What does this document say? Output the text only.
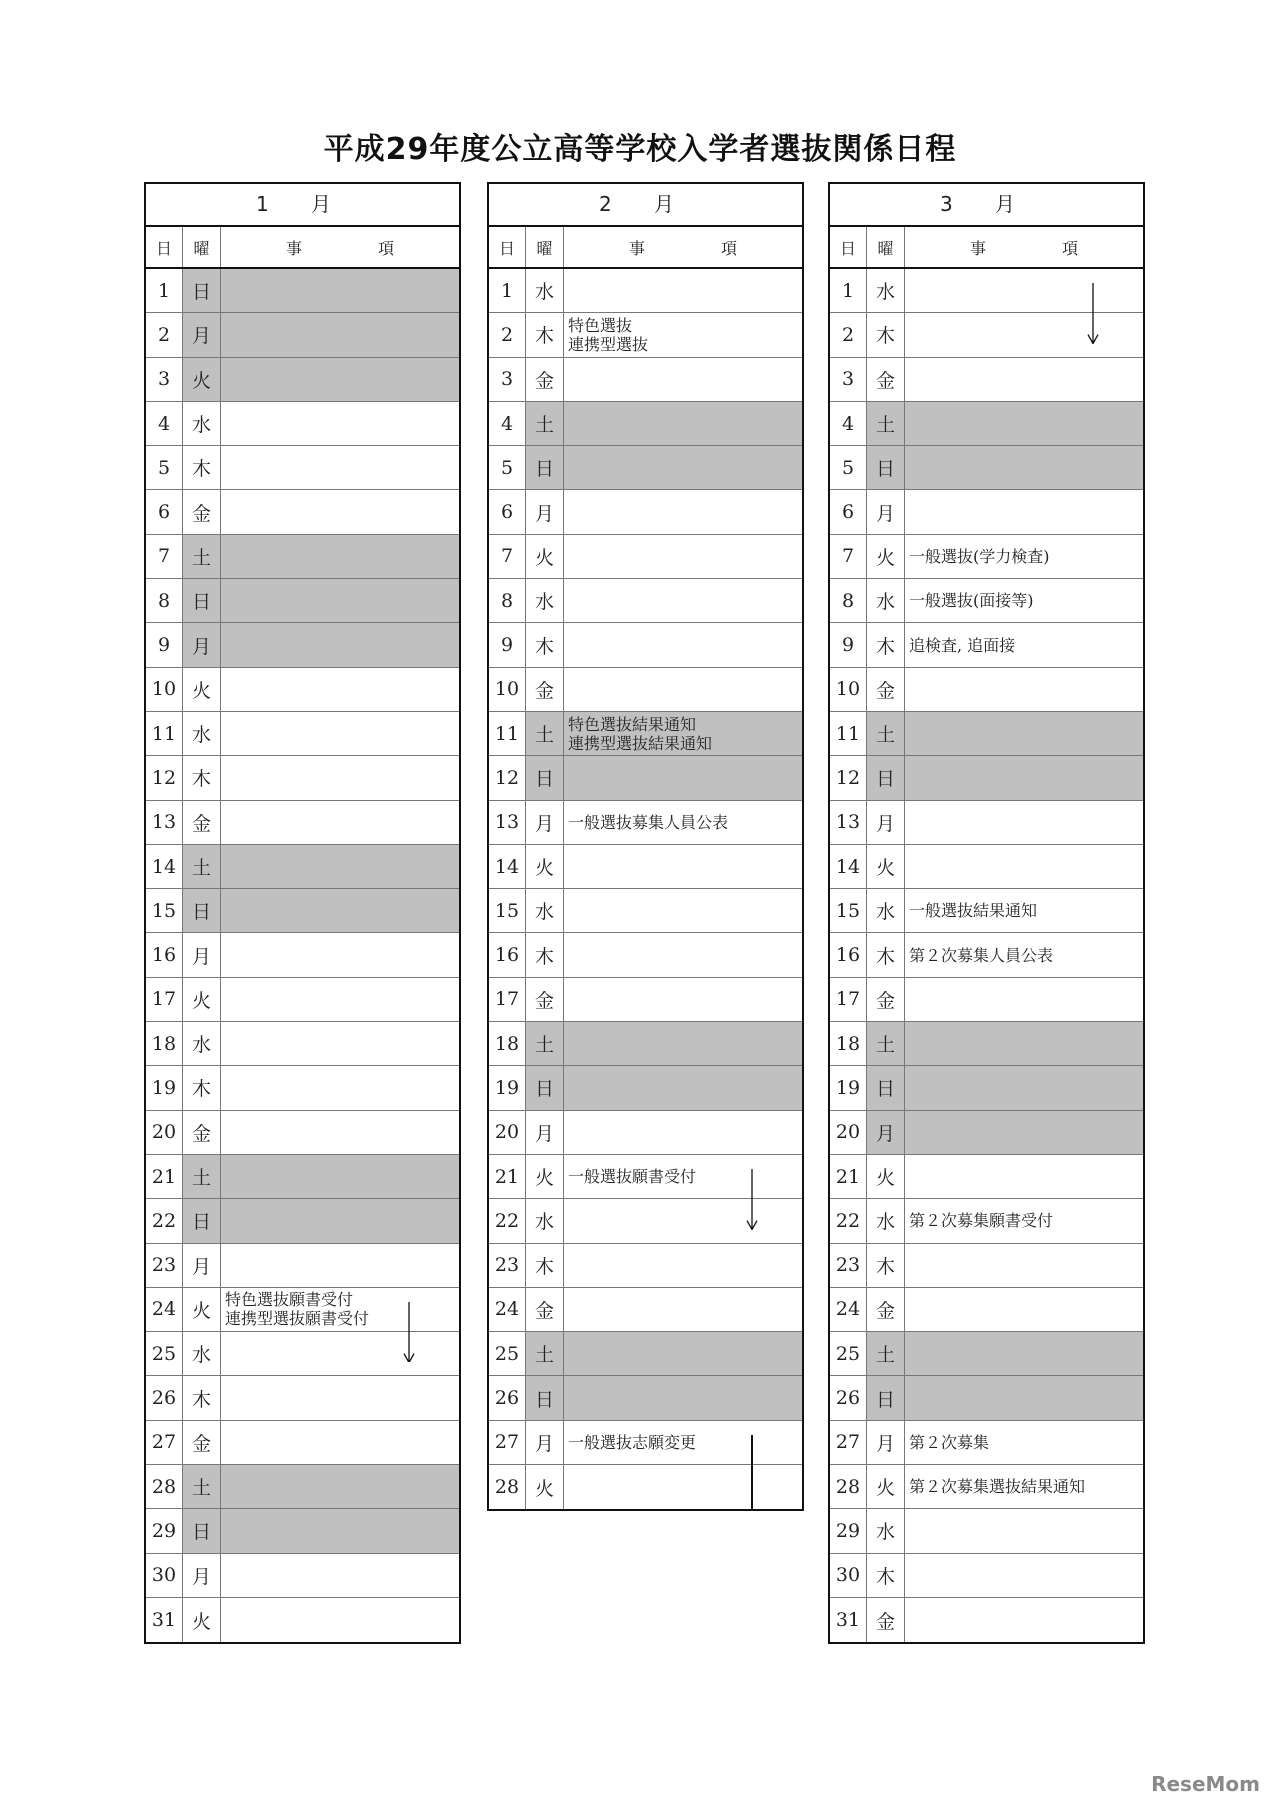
平成29年度公立高等学校入学者選抜関係日程
1 月
日	曜	事	項
1	日
2	月
3	火
4	水
5	木
6	金
7	土
8	日
9	月
10 火
11 水
12 木
13 金
14 土
15 日
16 月
17 火
18 水
19 木
20 金
21 土
22 日
23 月
24 火 特色選抜願書受付
連携型選抜願書受付
25 水
26 木
27 金
28 土
29 日
30 月
31 火
2 月
日	曜	事	項
1	水
2	木 特色選抜
連携型選抜
3	金
4	土
5	日
6	月
7	火
8	水
9	木
10 金
11 土 特色選抜結果通知
連携型選抜結果通知
12 日
13 月 一般選抜募集人員公表
14 火
15 水
16 木
17 金
18 土
19 日
20 月
21 火 一般選抜願書受付
22 水
23 木
24 金
25 土
26 日
27 月 一般選抜志願変更
28 火
3 月
日	曜	事	項
1	水
2	木
3	金
4	土
5	日
6	月
7	火 一般選抜(学力検査)
8	水 一般選抜(面接等)
9	木 追検査, 追面接
10 金
11 土
12 日
13 月
14 火
15 水 一般選抜結果通知
16 木 第２次募集人員公表
17 金
18 土
19 日
20 月
21 火
22 水 第２次募集願書受付
23 木
24 金
25 土
26 日
27 月 第２次募集
28 火 第２次募集選抜結果通知
29 水
30 木
31 金
ReseMom
